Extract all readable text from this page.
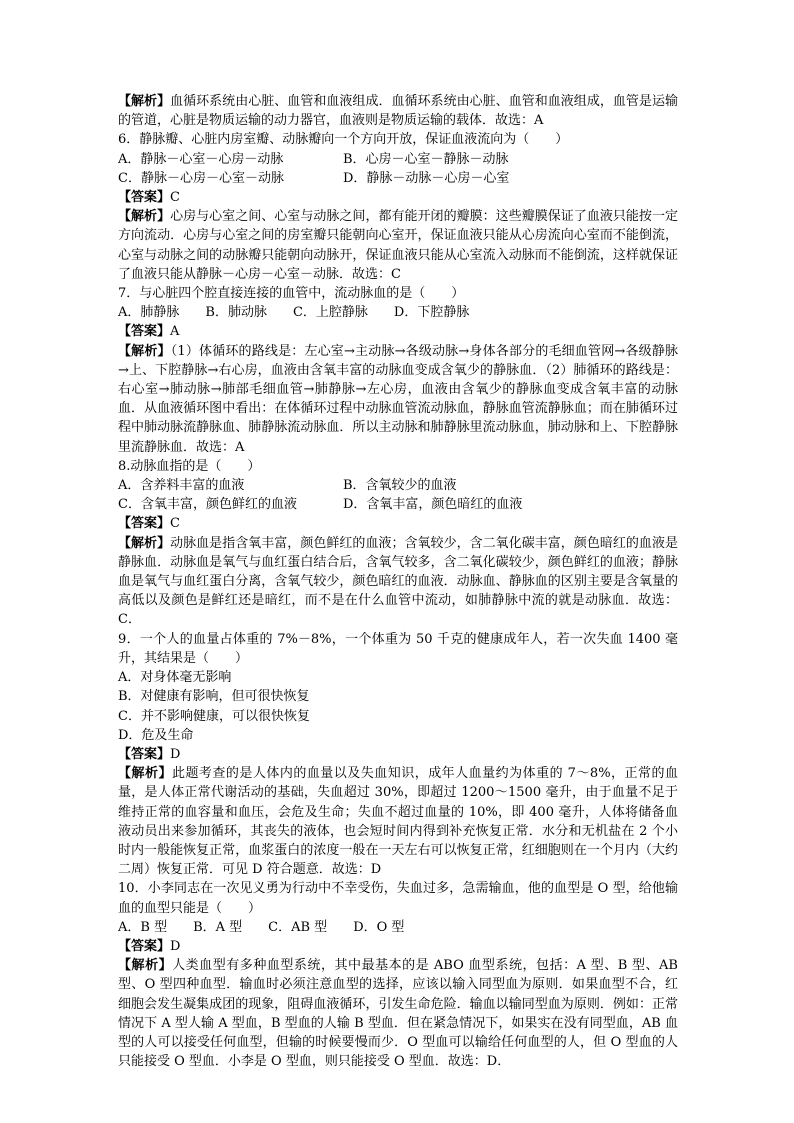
【解析】血循环系统由心脏、血管和血液组成．血循环系统由心脏、血管和血液组成，血管是运输的管道，心脏是物质运输的动力器官，血液则是物质运输的载体．故选：A

6．静脉瓣、心脏内房室瓣、动脉瓣向一个方向开放，保证血液流向为（　　）

A．静脉－心室－心房－动脉	B．心房－心室－静脉－动脉
C．静脉－心房－心室－动脉	D．静脉－动脉－心房－心室

【答案】C

【解析】心房与心室之间、心室与动脉之间，都有能开闭的瓣膜：这些瓣膜保证了血液只能按一定方向流动．心房与心室之间的房室瓣只能朝向心室开，保证血液只能从心房流向心室而不能倒流，心室与动脉之间的动脉瓣只能朝向动脉开，保证血液只能从心室流入动脉而不能倒流，这样就保证了血液只能从静脉－心房－心室－动脉．故选：C

7．与心脏四个腔直接连接的血管中，流动脉血的是（　　）

A．肺静脉 B．肺动脉 C．上腔静脉 D．下腔静脉

【答案】A

【解析】（1）体循环的路线是：左心室→主动脉→各级动脉→身体各部分的毛细血管网→各级静脉→上、下腔静脉→右心房，血液由含氧丰富的动脉血变成含氧少的静脉血．（2）肺循环的路线是：右心室→肺动脉→肺部毛细血管→肺静脉→左心房，血液由含氧少的静脉血变成含氧丰富的动脉血．从血液循环图中看出：在体循环过程中动脉血管流动脉血，静脉血管流静脉血；而在肺循环过程中肺动脉流静脉血、肺静脉流动脉血．所以主动脉和肺静脉里流动脉血，肺动脉和上、下腔静脉里流静脉血．故选：A

8.动脉血指的是（　　）

A．含养料丰富的血液	B．含氧较少的血液
C．含氧丰富，颜色鲜红的血液	D．含氧丰富，颜色暗红的血液

【答案】C

【解析】动脉血是指含氧丰富，颜色鲜红的血液；含氧较少，含二氧化碳丰富，颜色暗红的血液是静脉血．动脉血是氧气与血红蛋白结合后，含氧气较多，含二氧化碳较少，颜色鲜红的血液；静脉血是氧气与血红蛋白分离，含氧气较少，颜色暗红的血液．动脉血、静脉血的区别主要是含氧量的高低以及颜色是鲜红还是暗红，而不是在什么血管中流动，如肺静脉中流的就是动脉血．故选：C．

9．一个人的血量占体重的 7%－8%，一个体重为 50 千克的健康成年人，若一次失血 1400 毫升，其结果是（　　）

A．对身体毫无影响

B．对健康有影响，但可很快恢复

C．并不影响健康，可以很快恢复

D．危及生命

【答案】D

【解析】此题考查的是人体内的血量以及失血知识，成年人血量约为体重的 7～8%，正常的血量，是人体正常代谢活动的基础，失血超过 30%，即超过 1200～1500 毫升，由于血量不足于维持正常的血容量和血压，会危及生命；失血不超过血量的 10%，即 400 毫升，人体将储备血液动员出来参加循环，其丧失的液体，也会短时间内得到补充恢复正常．水分和无机盐在 2 个小时内一般能恢复正常，血浆蛋白的浓度一般在一天左右可以恢复正常，红细胞则在一个月内（大约二周）恢复正常．可见 D 符合题意．故选：D

10．小李同志在一次见义勇为行动中不幸受伤，失血过多，急需输血，他的血型是 O 型，给他输血的血型只能是（　　）

A．B 型 B．A 型 C．AB 型 D．O 型

【答案】D

【解析】人类血型有多种血型系统，其中最基本的是 ABO 血型系统，包括：A 型、B 型、AB 型、O 型四种血型．输血时必须注意血型的选择，应该以输入同型血为原则．如果血型不合，红细胞会发生凝集成团的现象，阻碍血液循环，引发生命危险．输血以输同型血为原则．例如：正常情况下 A 型人输 A 型血，B 型血的人输 B 型血．但在紧急情况下，如果实在没有同型血，AB 血型的人可以接受任何血型，但输的时候要慢而少．O 型血可以输给任何血型的人，但 O 型血的人只能接受 O 型血．小李是 O 型血，则只能接受 O 型血．故选：D．
